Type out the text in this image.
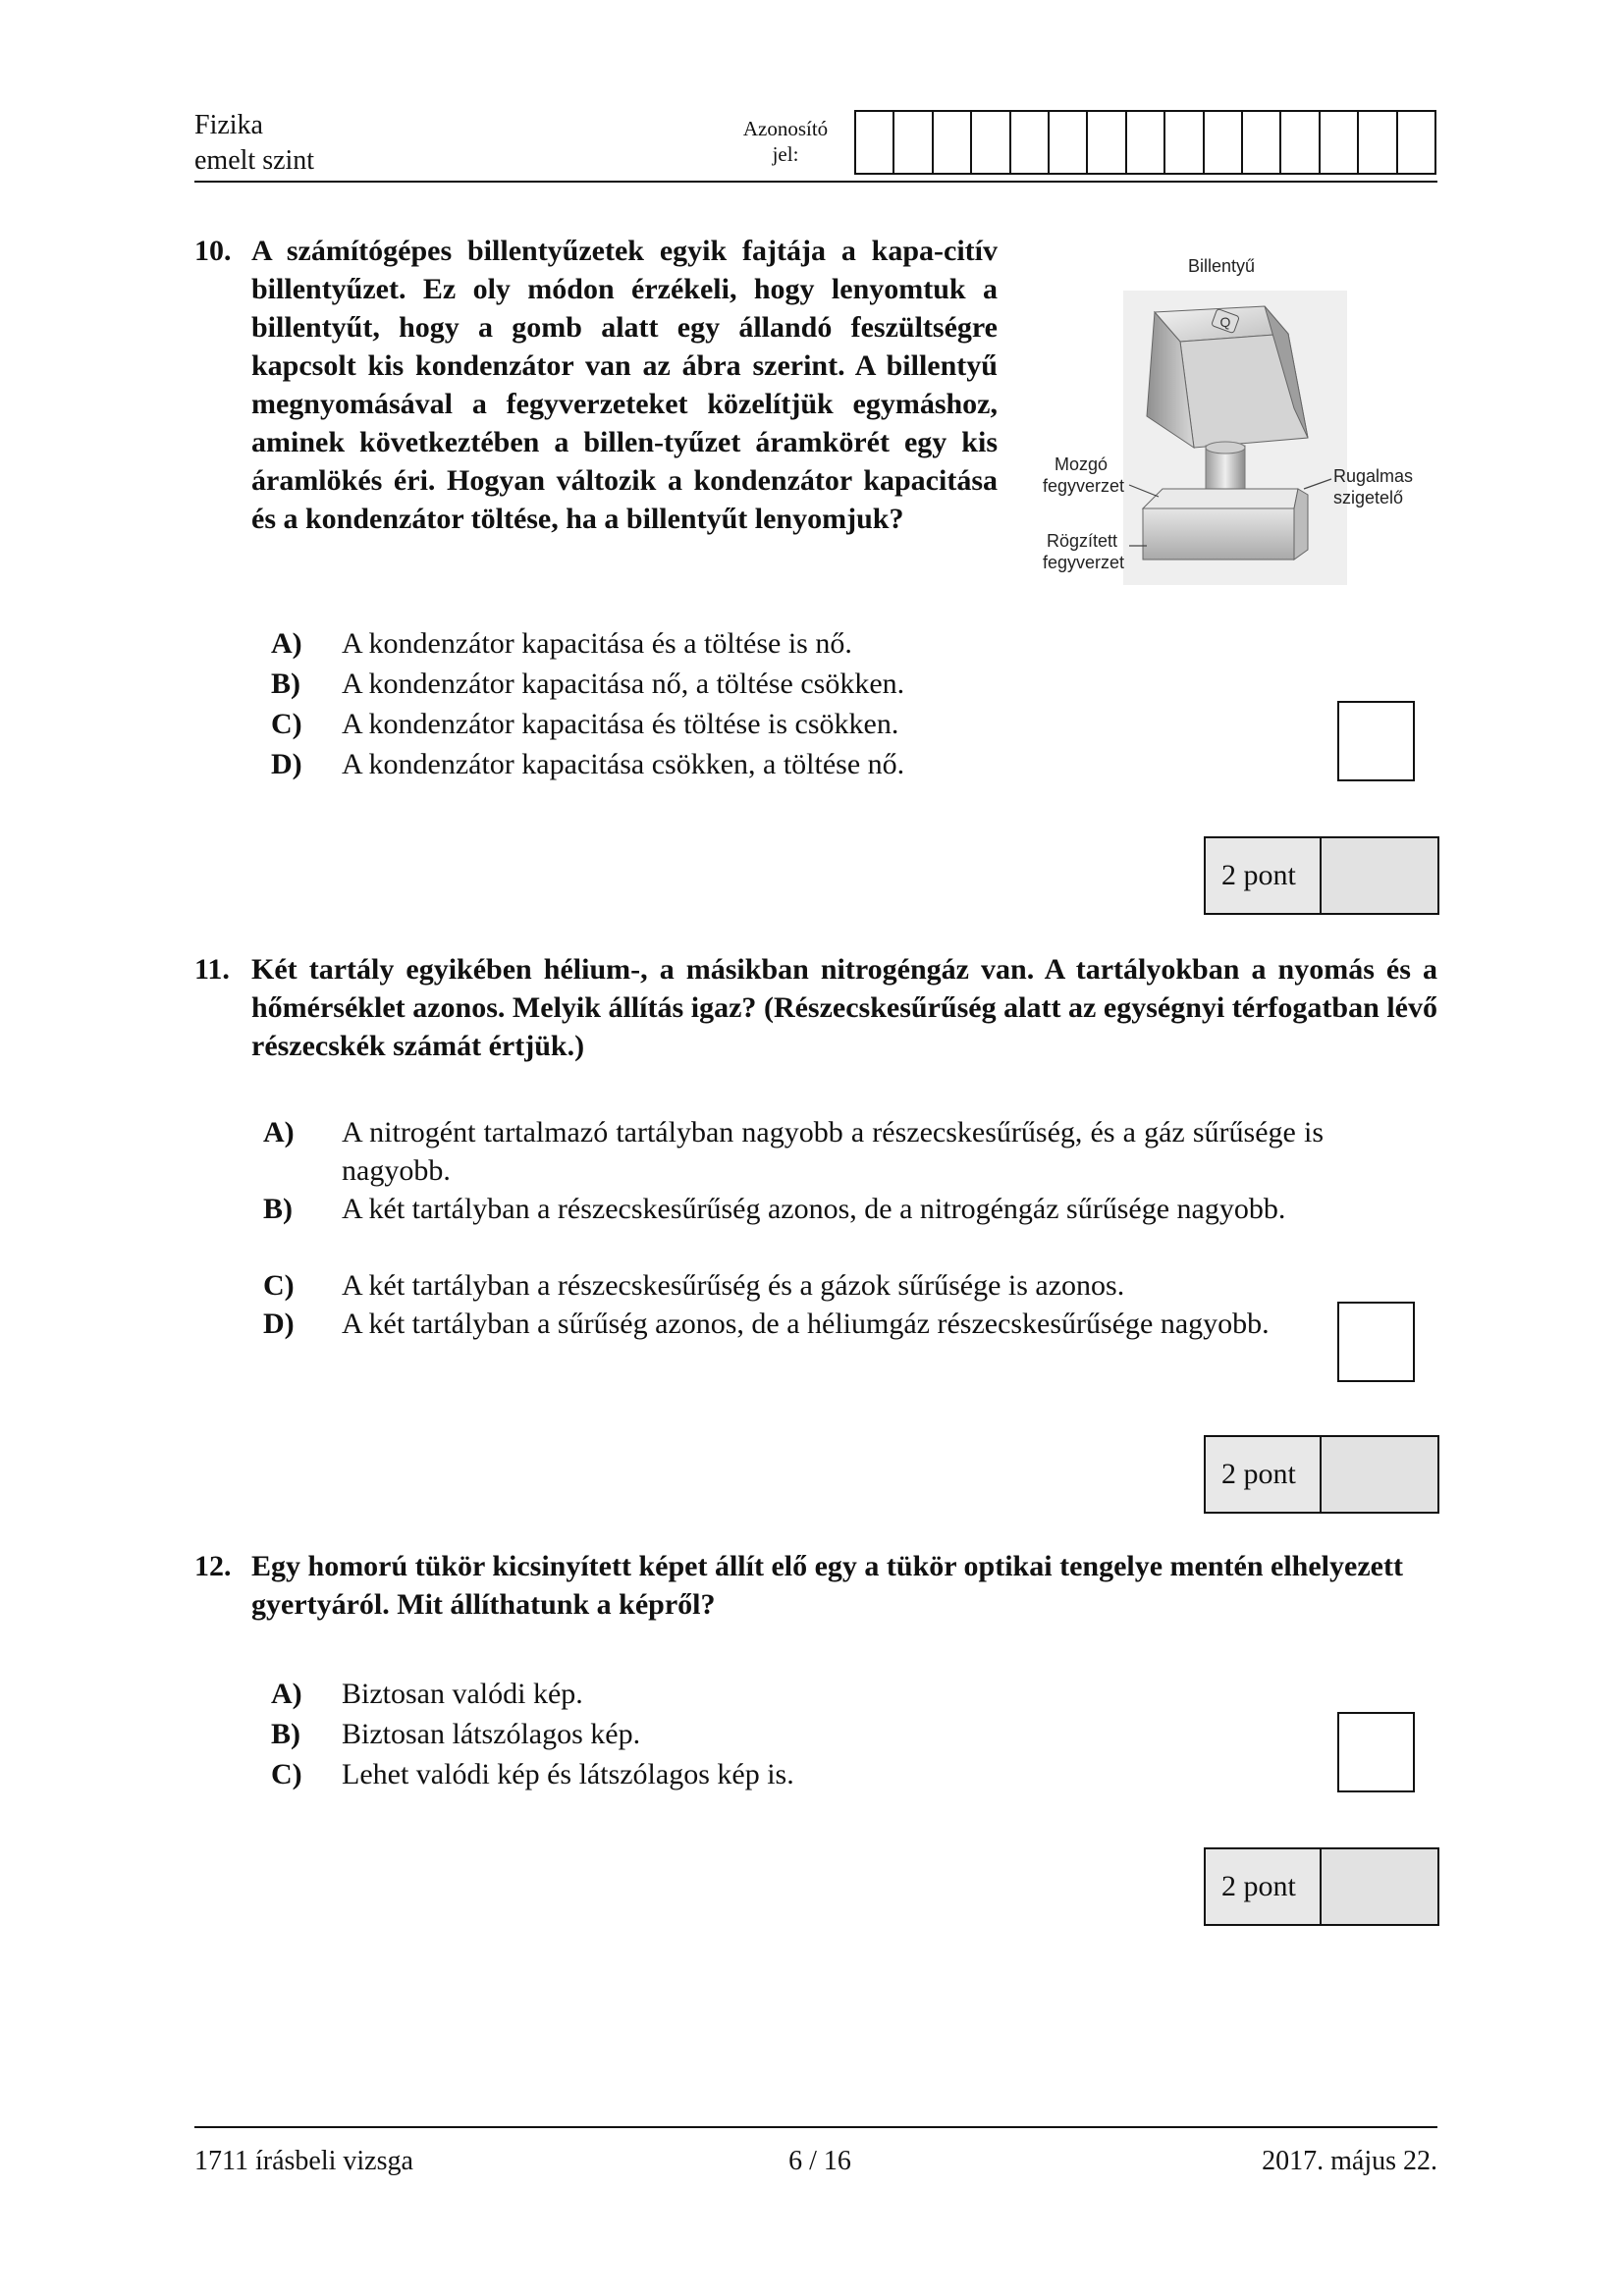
Fizika
emelt szint
Azonosító
jel:
10. A számítógépes billentyűzetek egyik fajtája a kapa-citív billentyűzet. Ez oly módon érzékeli, hogy lenyomtuk a billentyűt, hogy a gomb alatt egy állandó feszültségre kapcsolt kis kondenzátor van az ábra szerint. A billentyű megnyomásával a fegyverzeteket közelítjük egymáshoz, aminek következtében a billen-tyűzet áramkörét egy kis áramlökés éri. Hogyan változik a kondenzátor kapacitása és a kondenzátor töltése, ha a billentyűt lenyomjuk?

Q
Billentyű
Mozgó
fegyverzet
Rögzített
fegyverzet
Rugalmas
szigetelő
A)	A kondenzátor kapacitása és a töltése is nő.
B)	A kondenzátor kapacitása nő, a töltése csökken.
C)	A kondenzátor kapacitása és töltése is csökken.
D)	A kondenzátor kapacitása csökken, a töltése nő.
2 pont
11. Két tartály egyikében hélium-, a másikban nitrogéngáz van. A tartályokban a nyomás és a hőmérséklet azonos. Melyik állítás igaz? (Részecskesűrűség alatt az egységnyi térfogatban lévő részecskék számát értjük.)

A)	A nitrogént tartalmazó tartályban nagyobb a részecskesűrűség, és a gáz sűrűsége is nagyobb.
B)	A két tartályban a részecskesűrűség azonos, de a nitrogéngáz sűrűsége nagyobb.
C)	A két tartályban a részecskesűrűség és a gázok sűrűsége is azonos.
D)	A két tartályban a sűrűség azonos, de a héliumgáz részecskesűrűsége nagyobb.
2 pont
12. Egy homorú tükör kicsinyített képet állít elő egy a tükör optikai tengelye mentén elhelyezett gyertyáról. Mit állíthatunk a képről?

A)	Biztosan valódi kép.
B)	Biztosan látszólagos kép.
C)	Lehet valódi kép és látszólagos kép is.
2 pont
1711 írásbeli vizsga	6 / 16	2017. május 22.
